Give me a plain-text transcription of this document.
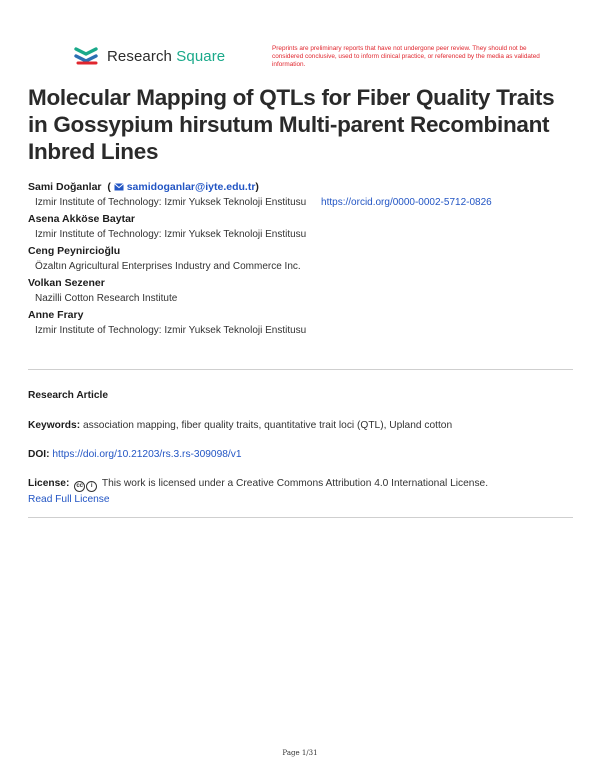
Research Square	Preprints are preliminary reports that have not undergone peer review. They should not be considered conclusive, used to inform clinical practice, or referenced by the media as validated information.
Molecular Mapping of QTLs for Fiber Quality Traits in Gossypium hirsutum Multi-parent Recombinant Inbred Lines
Sami Doğanlar ( samidoganlar@iyte.edu.tr)
Izmir Institute of Technology: Izmir Yuksek Teknoloji Enstitusu https://orcid.org/0000-0002-5712-0826
Asena Akköse Baytar
Izmir Institute of Technology: Izmir Yuksek Teknoloji Enstitusu
Ceng Peynircioğlu
Özaltın Agricultural Enterprises Industry and Commerce Inc.
Volkan Sezener
Nazilli Cotton Research Institute
Anne Frary
Izmir Institute of Technology: Izmir Yuksek Teknoloji Enstitusu
Research Article
Keywords: association mapping, fiber quality traits, quantitative trait loci (QTL), Upland cotton
DOI: https://doi.org/10.21203/rs.3.rs-309098/v1
License:	cc	i This work is licensed under a Creative Commons Attribution 4.0 International License.
Read Full License
Page 1/31
